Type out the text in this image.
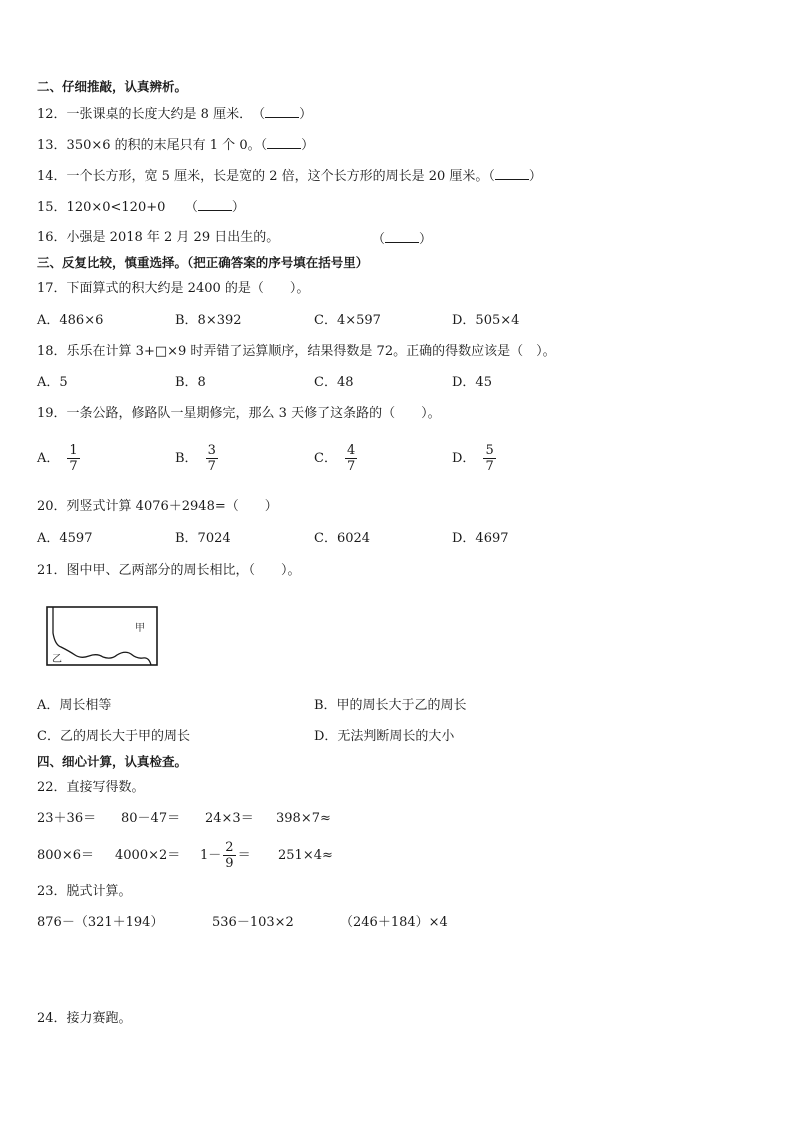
二、仔细推敲，认真辨析。
12．一张课桌的长度大约是 8 厘米．　（	）
13．350×6 的积的末尾只有 1 个 0。（	）
14．一个长方形，宽 5 厘米，长是宽的 2 倍，这个长方形的周长是 20 厘米。（	）
15．120×0<120+0　　（	）
16．小强是 2018 年 2 月 29 日出生的。	（	）
三、反复比较，慎重选择。（把正确答案的序号填在括号里）
17．下面算式的积大约是 2400 的是（　　）。
A．486×6	B．8×392	C．4×597	D．505×4
18．乐乐在计算 3+□×9 时弄错了运算顺序，结果得数是 72。正确的得数应该是（　）。
A．5	B．8	C．48	D．45
19．一条公路，修路队一星期修完，那么 3 天修了这条路的（　　）。
A． $\frac{1}{7}$	B． $\frac{3}{7}$	C． $\frac{4}{7}$	D． $\frac{5}{7}$
20．列竖式计算 4076＋2948=（　　）
A．4597	B．7024	C．6024	D．4697
21．图中甲、乙两部分的周长相比，（　　）。
甲
乙
A．周长相等	B．甲的周长大于乙的周长
C．乙的周长大于甲的周长	D．无法判断周长的大小
四、细心计算，认真检查。
22．直接写得数。
23＋36＝ 80－47＝ 24×3＝ 398×7≈
$800\times 6= 4000\times 2= 1- \frac{2}{9} = 251\times 4\approx$
23．脱式计算。
876－（321＋194）	536－103×2	（246＋184）×4
24．接力赛跑。
